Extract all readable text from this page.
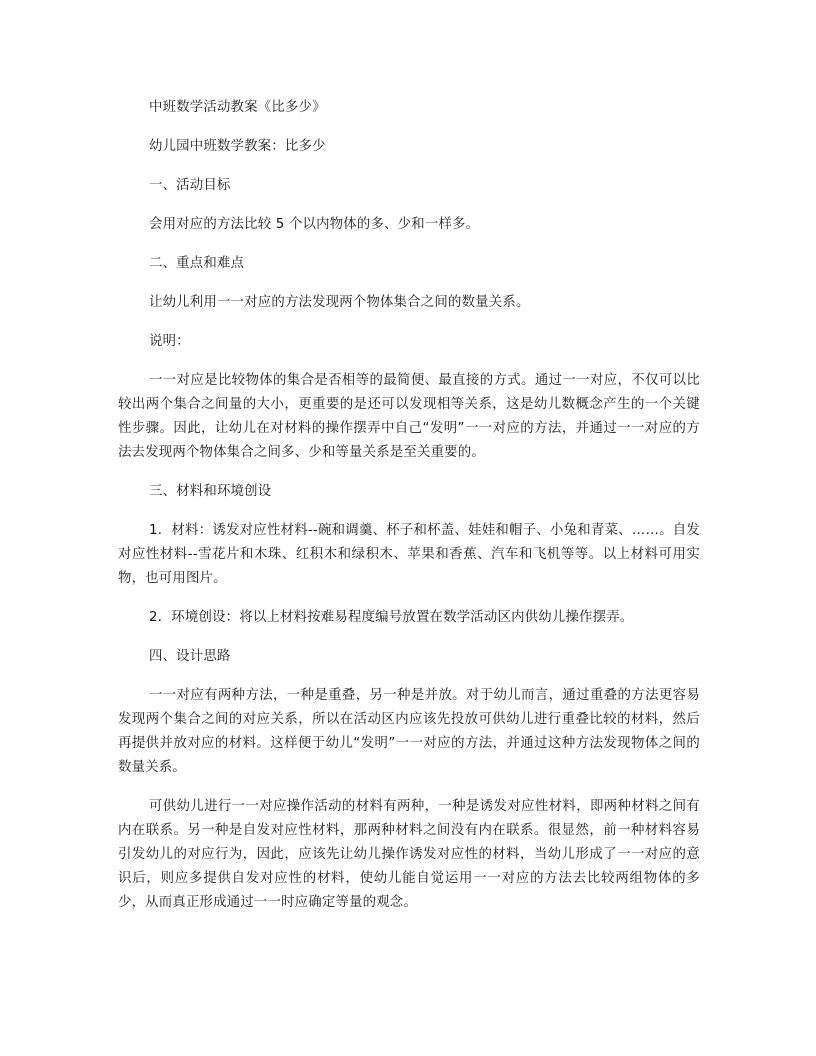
中班数学活动教案《比多少》

幼儿园中班数学教案：比多少

一、活动目标

会用对应的方法比较 5 个以内物体的多、少和一样多。

二、重点和难点

让幼儿利用一一对应的方法发现两个物体集合之间的数量关系。

说明：

一一对应是比较物体的集合是否相等的最简便、最直接的方式。通过一一对应，不仅可以比较出两个集合之间量的大小，更重要的是还可以发现相等关系，这是幼儿数概念产生的一个关键性步骤。因此，让幼儿在对材料的操作摆弄中自己“发明”一一对应的方法，并通过一一对应的方法去发现两个物体集合之间多、少和等量关系是至关重要的。

三、材料和环境创设

1．材料：诱发对应性材料--碗和调羹、杯子和杯盖、娃娃和帽子、小兔和青菜、……。自发对应性材料--雪花片和木珠、红积木和绿积木、苹果和香蕉、汽车和飞机等等。以上材料可用实物，也可用图片。

2．环境创设：将以上材料按难易程度编号放置在数学活动区内供幼儿操作摆弄。

四、设计思路

一一对应有两种方法，一种是重叠，另一种是并放。对于幼儿而言，通过重叠的方法更容易发现两个集合之间的对应关系，所以在活动区内应该先投放可供幼儿进行重叠比较的材料，然后再提供并放对应的材料。这样便于幼儿“发明”一一对应的方法，并通过这种方法发现物体之间的数量关系。

可供幼儿进行一一对应操作活动的材料有两种，一种是诱发对应性材料，即两种材料之间有内在联系。另一种是自发对应性材料，那两种材料之间没有内在联系。很显然，前一种材料容易引发幼儿的对应行为，因此，应该先让幼儿操作诱发对应性的材料，当幼儿形成了一一对应的意识后，则应多提供自发对应性的材料，使幼儿能自觉运用一一对应的方法去比较两组物体的多少，从而真正形成通过一一时应确定等量的观念。
